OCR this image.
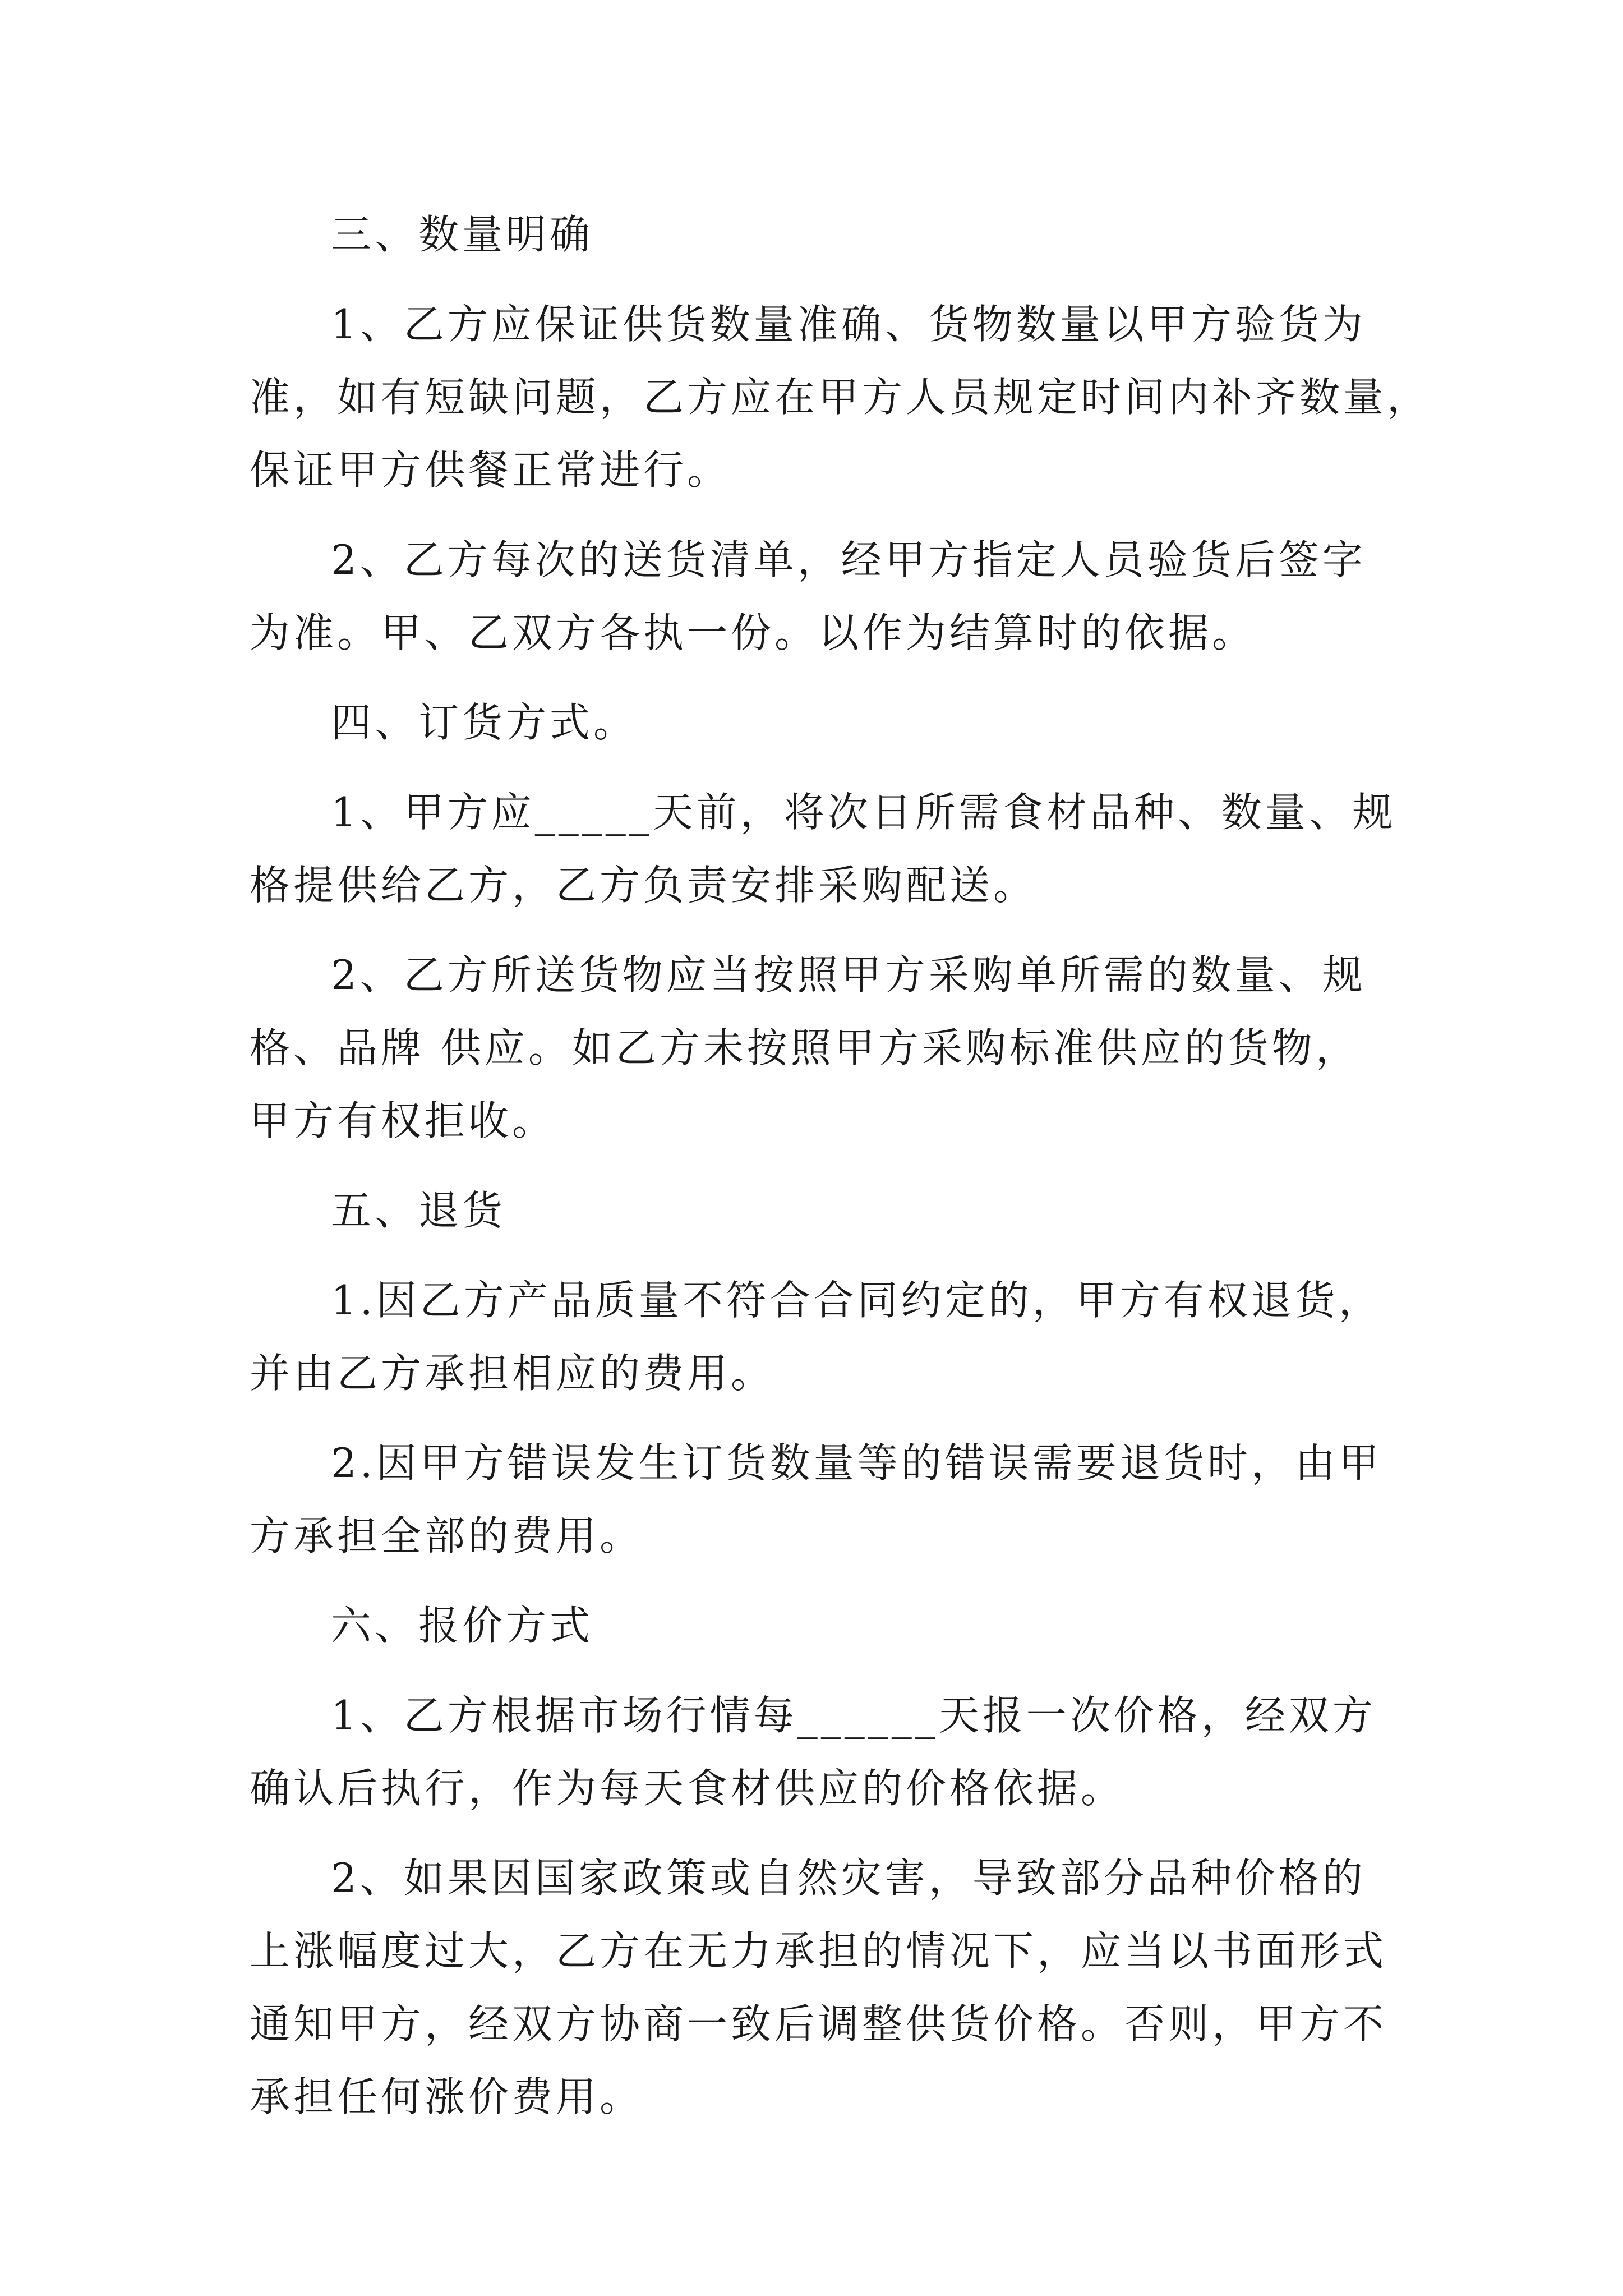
三、数量明确
1、乙方应保证供货数量准确、货物数量以甲方验货为
准，如有短缺问题，乙方应在甲方人员规定时间内补齐数量，
保证甲方供餐正常进行。
2、乙方每次的送货清单，经甲方指定人员验货后签字
为准。甲、乙双方各执一份。以作为结算时的依据。
四、订货方式。
1、甲方应_____天前，将次日所需食材品种、数量、规
格提供给乙方，乙方负责安排采购配送。
2、乙方所送货物应当按照甲方采购单所需的数量、规
格、品牌 供应。如乙方未按照甲方采购标准供应的货物，
甲方有权拒收。
五、退货
1.因乙方产品质量不符合合同约定的，甲方有权退货，
并由乙方承担相应的费用。
2.因甲方错误发生订货数量等的错误需要退货时，由甲
方承担全部的费用。
六、报价方式
1、乙方根据市场行情每______天报一次价格，经双方
确认后执行，作为每天食材供应的价格依据。
2、如果因国家政策或自然灾害，导致部分品种价格的
上涨幅度过大，乙方在无力承担的情况下，应当以书面形式
通知甲方，经双方协商一致后调整供货价格。否则，甲方不
承担任何涨价费用。
